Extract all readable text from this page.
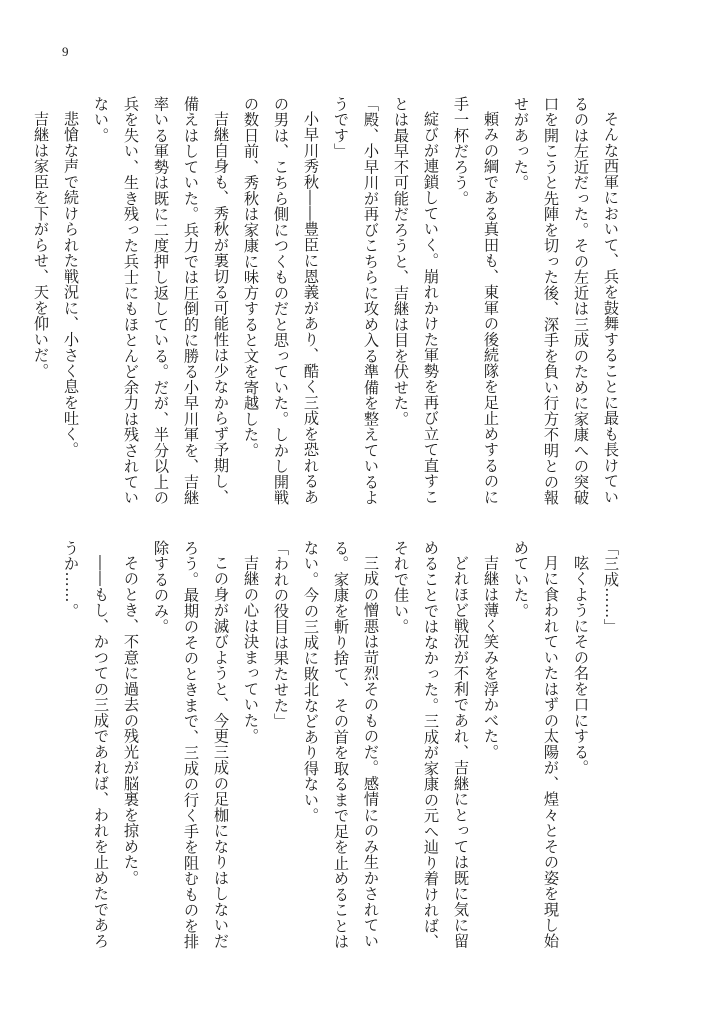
9
そんな西軍において、兵を鼓舞することに最も長けてい
るのは左近だった。その左近は三成のために家康への突破
口を開こうと先陣を切った後、深手を負い行方不明との報
せがあった。
頼みの綱である真田も、東軍の後続隊を足止めするのに
手一杯だろう。
綻びが連鎖していく。崩れかけた軍勢を再び立て直すこ
とは最早不可能だろうと、吉継は目を伏せた。
「殿、小早川が再びこちらに攻め入る準備を整えているよ
うです」
小早川秀秋――豊臣に恩義があり、酷く三成を恐れるあ
の男は、こちら側につくものだと思っていた。しかし開戦
の数日前、秀秋は家康に味方すると文を寄越した。
吉継自身も、秀秋が裏切る可能性は少なからず予期し、
備えはしていた。兵力では圧倒的に勝る小早川軍を、吉継
率いる軍勢は既に二度押し返している。だが、半分以上の
兵を失い、生き残った兵士にもほとんど余力は残されてい
ない。
悲愴な声で続けられた戦況に、小さく息を吐く。
吉継は家臣を下がらせ、天を仰いだ。
「三成……」
呟くようにその名を口にする。
月に食われていたはずの太陽が、煌々とその姿を現し始
めていた。
吉継は薄く笑みを浮かべた。
どれほど戦況が不利であれ、吉継にとっては既に気に留
めることではなかった。三成が家康の元へ辿り着ければ、
それで佳い。
三成の憎悪は苛烈そのものだ。感情にのみ生かされてい
る。家康を斬り捨て、その首を取るまで足を止めることは
ない。今の三成に敗北などあり得ない。
「われの役目は果たせた」
吉継の心は決まっていた。
この身が滅びようと、今更三成の足枷になりはしないだ
ろう。最期のそのときまで、三成の行く手を阻むものを排
除するのみ。
そのとき、不意に過去の残光が脳裏を掠めた。
――もし、かつての三成であれば、われを止めたであろ
うか……。
